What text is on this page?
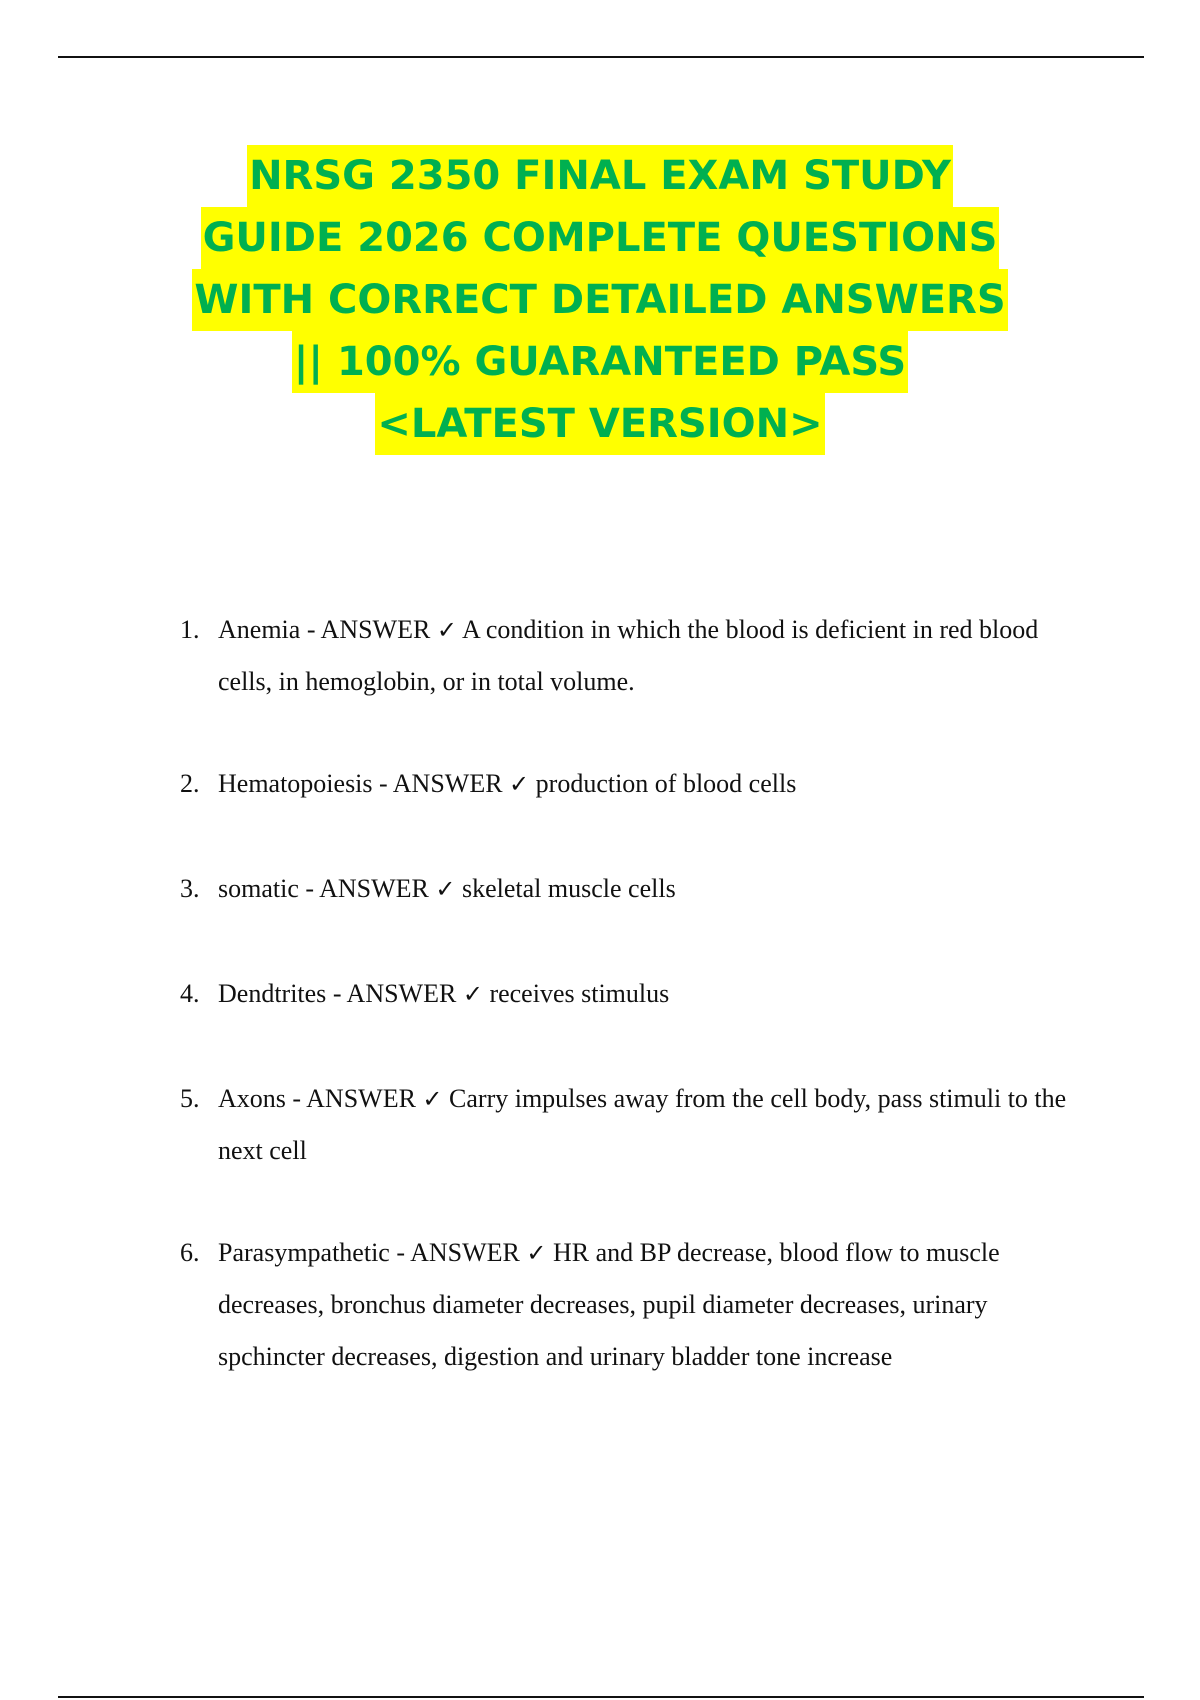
NRSG 2350 FINAL EXAM STUDY
GUIDE 2026 COMPLETE QUESTIONS
WITH CORRECT DETAILED ANSWERS
|| 100% GUARANTEED PASS
<LATEST VERSION>
1. Anemia - ANSWER ✓ A condition in which the blood is deficient in red blood cells, in hemoglobin, or in total volume.
2. Hematopoiesis - ANSWER ✓ production of blood cells
3. somatic - ANSWER ✓ skeletal muscle cells
4. Dendtrites - ANSWER ✓ receives stimulus
5. Axons - ANSWER ✓ Carry impulses away from the cell body, pass stimuli to the next cell
6. Parasympathetic - ANSWER ✓ HR and BP decrease, blood flow to muscle decreases, bronchus diameter decreases, pupil diameter decreases, urinary spchincter decreases, digestion and urinary bladder tone increase
